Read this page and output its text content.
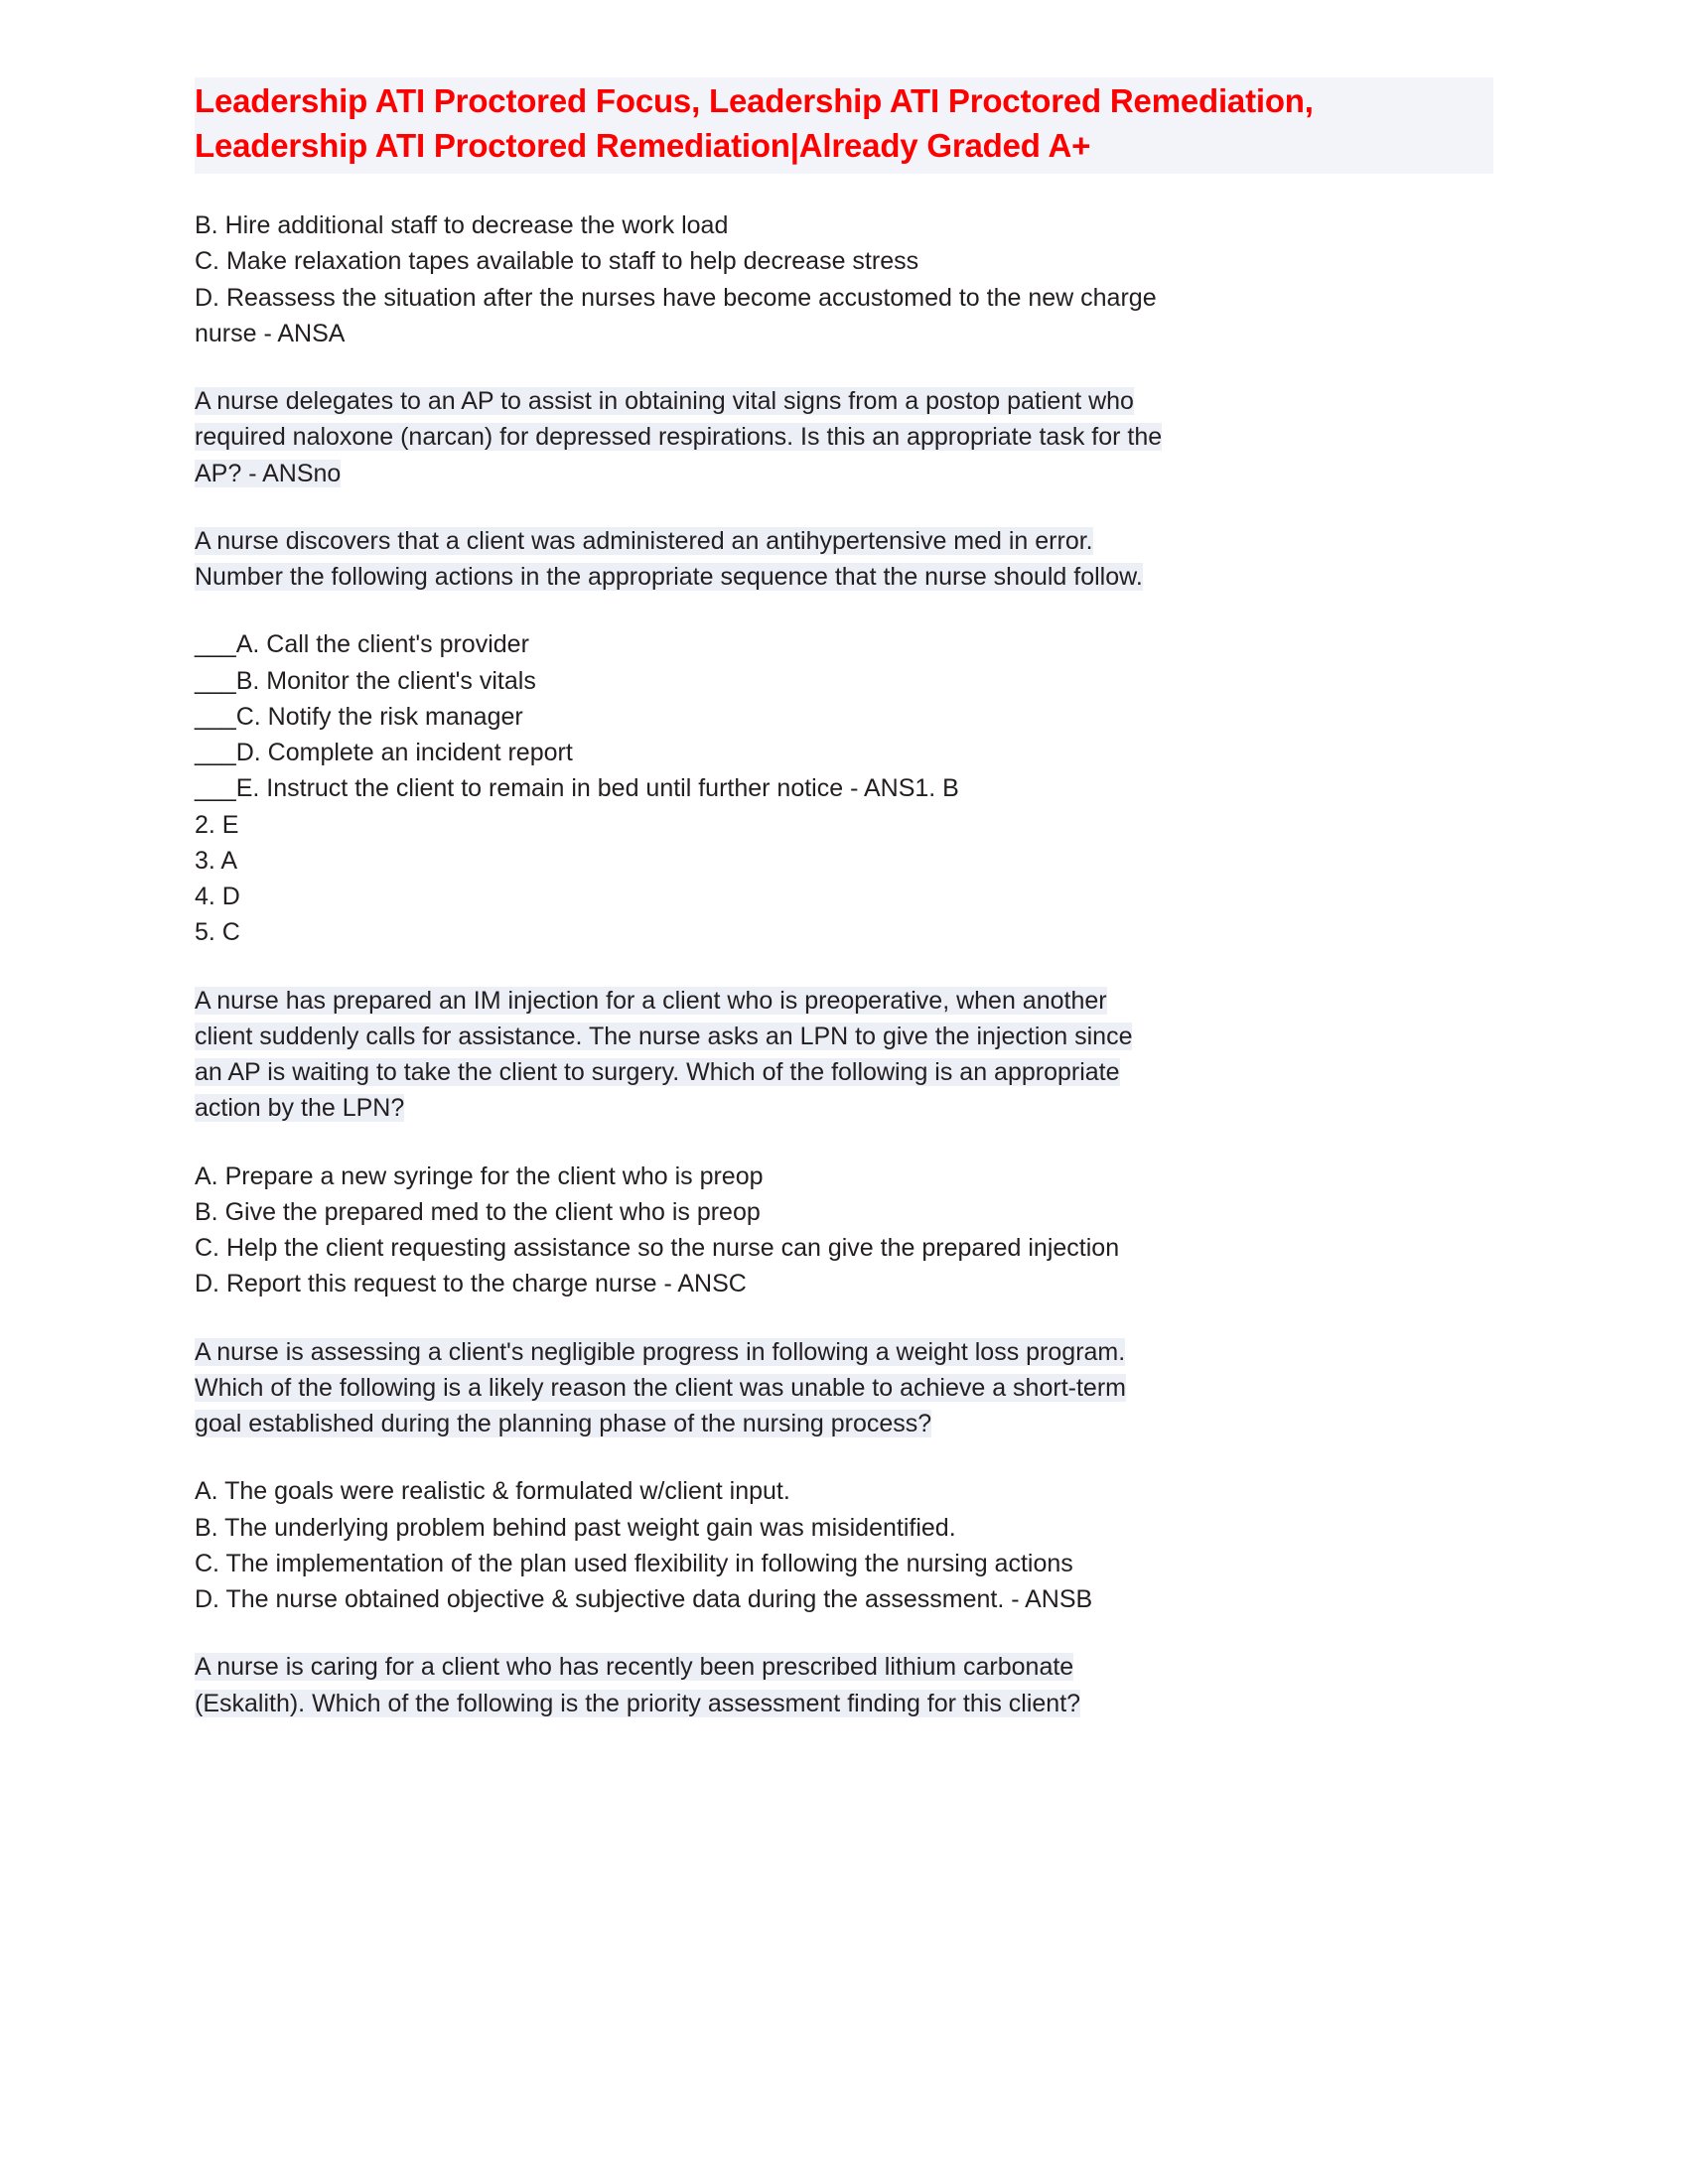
Leadership ATI Proctored Focus, Leadership ATI Proctored Remediation, Leadership ATI Proctored Remediation|Already Graded A+

B. Hire additional staff to decrease the work load
C. Make relaxation tapes available to staff to help decrease stress
D. Reassess the situation after the nurses have become accustomed to the new charge
nurse - ANSA

A nurse delegates to an AP to assist in obtaining vital signs from a postop patient who
required naloxone (narcan) for depressed respirations. Is this an appropriate task for the
AP? - ANSno

A nurse discovers that a client was administered an antihypertensive med in error.
Number the following actions in the appropriate sequence that the nurse should follow.

___A. Call the client's provider
___B. Monitor the client's vitals
___C. Notify the risk manager
___D. Complete an incident report
___E. Instruct the client to remain in bed until further notice - ANS1. B
2. E
3. A
4. D
5. C

A nurse has prepared an IM injection for a client who is preoperative, when another
client suddenly calls for assistance. The nurse asks an LPN to give the injection since
an AP is waiting to take the client to surgery. Which of the following is an appropriate
action by the LPN?

A. Prepare a new syringe for the client who is preop
B. Give the prepared med to the client who is preop
C. Help the client requesting assistance so the nurse can give the prepared injection
D. Report this request to the charge nurse - ANSC

A nurse is assessing a client's negligible progress in following a weight loss program.
Which of the following is a likely reason the client was unable to achieve a short-term
goal established during the planning phase of the nursing process?

A. The goals were realistic & formulated w/client input.
B. The underlying problem behind past weight gain was misidentified.
C. The implementation of the plan used flexibility in following the nursing actions
D. The nurse obtained objective & subjective data during the assessment. - ANSB

A nurse is caring for a client who has recently been prescribed lithium carbonate
(Eskalith). Which of the following is the priority assessment finding for this client?
